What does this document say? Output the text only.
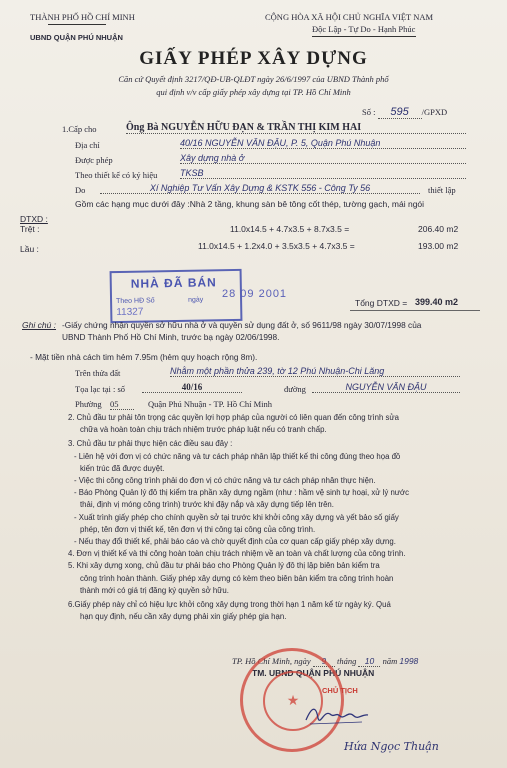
THÀNH PHỐ HỒ CHÍ MINH
UBND QUẬN PHÚ NHUẬN
CỘNG HÒA XÃ HỘI CHỦ NGHĨA VIỆT NAM
Độc Lập - Tự Do - Hạnh Phúc
GIẤY PHÉP XÂY DỰNG
Căn cứ Quyết định 3217/QĐ-UB-QLĐT ngày 26/6/1997 của UBND Thành phố
qui định v/v cấp giấy phép xây dựng tại TP. Hồ Chí Minh
Số : 595 /GPXD
1.Cấp cho	Ông Bà NGUYỄN HỮU ĐẠN & TRẦN THỊ KIM HAI
Địa chỉ	40/16 NGUYỄN VĂN ĐẬU, P. 5, Quận Phú Nhuận
Được phép	Xây dựng nhà ở
Theo thiết kế có ký hiệu	TKSB
Do	Xí Nghiệp Tư Vấn Xây Dựng & KSTK 556 - Công Ty 56	thiết lập
Gồm các hạng mục dưới đây :Nhà 2 tầng, khung sàn bê tông cốt thép, tường gạch, mái ngói
DTXD :
Trệt :	11.0x14.5 + 4.7x3.5 + 8.7x3.5 =	206.40 m2
Lầu :	11.0x14.5 + 1.2x4.0 + 3.5x3.5 + 4.7x3.5 =	193.00 m2
NHÀ ĐÃ BÁN
Theo HĐ Số
11327
ngày
28 09 2001
Tổng DTXD = 399.40 m2
Ghi chú : -Giấy chứng nhận quyền sở hữu nhà ở và quyền sử dụng đất ở, số 9611/98 ngày 30/07/1998 của
UBND Thành Phố Hồ Chí Minh, trước bạ ngày 02/06/1998.
- Mặt tiền nhà cách tim hẻm 7.95m (hẻm quy hoạch rộng 8m).
Trên thửa đất	Nhằm một phần thửa 239, tờ 12 Phú Nhuận-Chi Lăng
Tọa lạc tại : số	40/16	đường	NGUYỄN VĂN ĐẬU
Phường 05	Quận Phú Nhuận - TP. Hồ Chí Minh

2. Chủ đầu tư phải tôn trọng các quyền lợi hợp pháp của người có liên quan đến công trình sửa

chữa và hoàn toàn chịu trách nhiệm trước pháp luật nếu có tranh chấp.

3. Chủ đầu tư phải thực hiện các điều sau đây :

- Liên hệ với đơn vị có chức năng và tư cách pháp nhân lập thiết kế thi công đúng theo họa đồ

kiến trúc đã được duyệt.

- Việc thi công công trình phải do đơn vị có chức năng và tư cách pháp nhân thực hiện.

- Báo Phòng Quản lý đô thị kiểm tra phần xây dựng ngầm (như : hầm vệ sinh tự hoại, xử lý nước

thải, định vị móng công trình) trước khi đậy nắp và xây dựng tiếp lên trên.

- Xuất trình giấy phép cho chính quyền sở tại trước khi khởi công xây dựng và yết bảo số giấy

phép, tên đơn vị thiết kế, tên đơn vị thi công tại công của công trình.

- Nếu thay đổi thiết kế, phải báo cáo và chờ quyết định của cơ quan cấp giấy phép xây dựng.

4. Đơn vị thiết kế và thi công hoàn toàn chịu trách nhiệm về an toàn và chất lượng của công trình.

5. Khi xây dựng xong, chủ đầu tư phải báo cho Phòng Quản lý đô thị lập biên bản kiểm tra

công trình hoàn thành. Giấy phép xây dựng có kèm theo biên bản kiểm tra công trình hoàn

thành mới có giá trị đăng ký quyền sở hữu.

6.Giấy phép này chỉ có hiệu lực khởi công xây dựng trong thời hạn 1 năm kể từ ngày ký. Quá

hạn quy định, nếu cần xây dựng phải xin giấy phép gia hạn.

TP. Hồ Chí Minh, ngày 9 tháng 10 năm 1998
TM. UBND QUẬN PHÚ NHUẬN
★
CHỦ TỊCH
Hứa Ngọc Thuận
